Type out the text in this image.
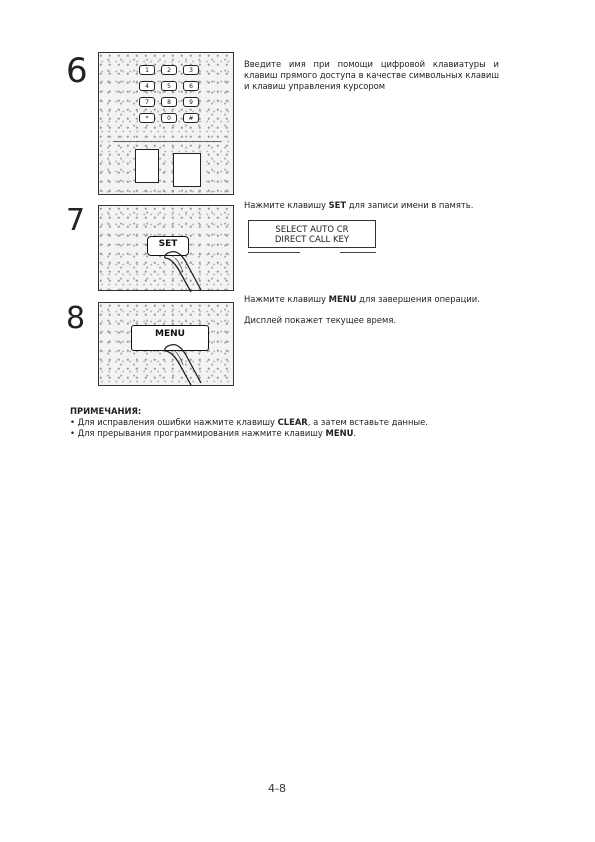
6	1	2	3
4	5	6
7	8	9
*	0	#
Введите имя при помощи цифровой клавиатуры и клавиш прямого доступа в качестве символьных клавиш и клавиш управления курсором
7
SET
Нажмите клавишу SET для записи имени в память.
SELECT AUTO CR
DIRECT CALL KEY
8	MENU
Нажмите клавишу MENU для завершения операции.
Дисплей покажет текущее время.
ПРИМЕЧАНИЯ:
• Для исправления ошибки нажмите клавишу CLEAR, а затем вставьте данные.
• Для прерывания программирования нажмите клавишу MENU.
4-8
